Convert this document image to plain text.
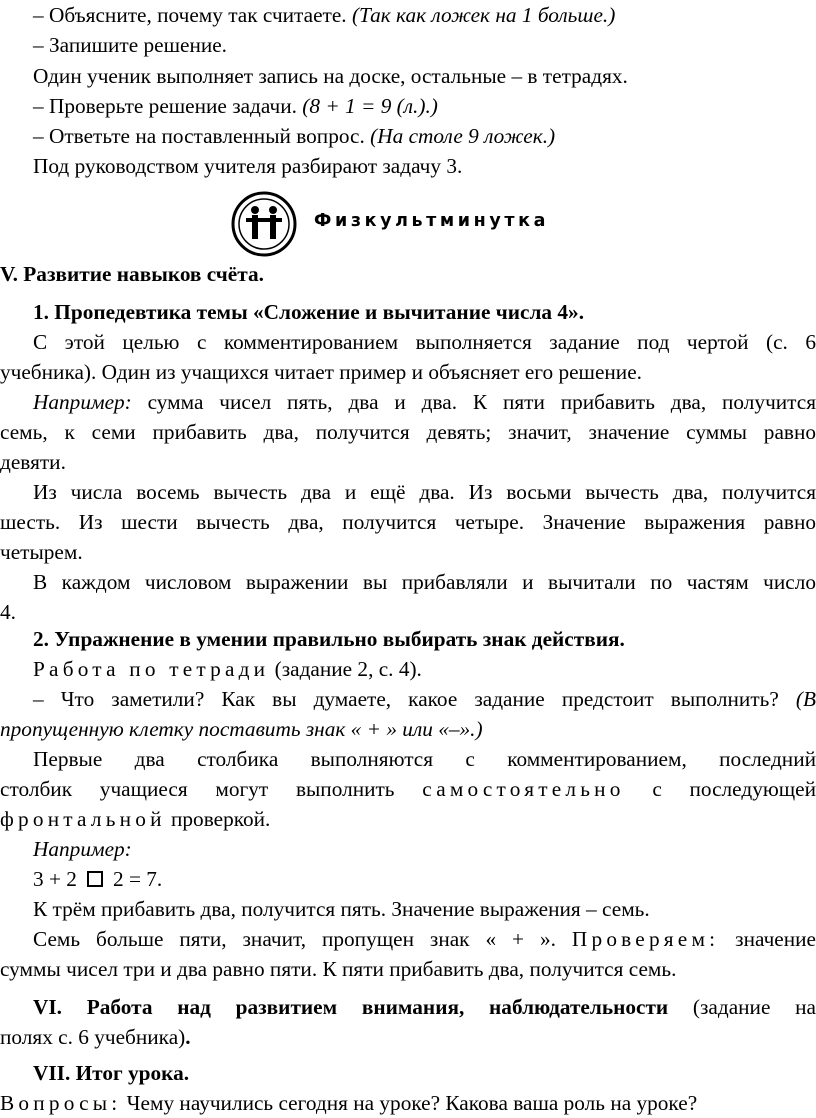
– Объясните, почему так считаете. (Так как ложек на 1 больше.)
– Запишите решение.
Один ученик выполняет запись на доске, остальные – в тетрадях.
– Проверьте решение задачи. (8 + 1 = 9 (л.).)
– Ответьте на поставленный вопрос. (На столе 9 ложек.)
Под руководством учителя разбирают задачу 3.
Физкультминутка
V. Развитие навыков счёта.
1. Пропедевтика темы «Сложение и вычитание числа 4».
С этой целью с комментированием выполняется задание под чертой (с. 6
учебника). Один из учащихся читает пример и объясняет его решение.
Например: сумма чисел пять, два и два. К пяти прибавить два, получится
семь, к семи прибавить два, получится девять; значит, значение суммы равно
девяти.
Из числа восемь вычесть два и ещё два. Из восьми вычесть два, получится
шесть. Из шести вычесть два, получится четыре. Значение выражения равно
четырем.
В каждом числовом выражении вы прибавляли и вычитали по частям число
4.
2. Упражнение в умении правильно выбирать знак действия.
Работа по тетради (задание 2, с. 4).
– Что заметили? Как вы думаете, какое задание предстоит выполнить? (В
пропущенную клетку поставить знак « + » или «–».)
Первые два столбика выполняются с комментированием, последний
столбик учащиеся могут выполнить самостоятельно с последующей
фронтальной проверкой.
Например:
3 + 2 2 = 7.
К трём прибавить два, получится пять. Значение выражения – семь.
Семь больше пяти, значит, пропущен знак « + ». Проверяем: значение
суммы чисел три и два равно пяти. К пяти прибавить два, получится семь.
VI. Работа над развитием внимания, наблюдательности (задание на
полях с. 6 учебника).
VII. Итог урока.
Вопросы: Чему научились сегодня на уроке? Какова ваша роль на уроке?
